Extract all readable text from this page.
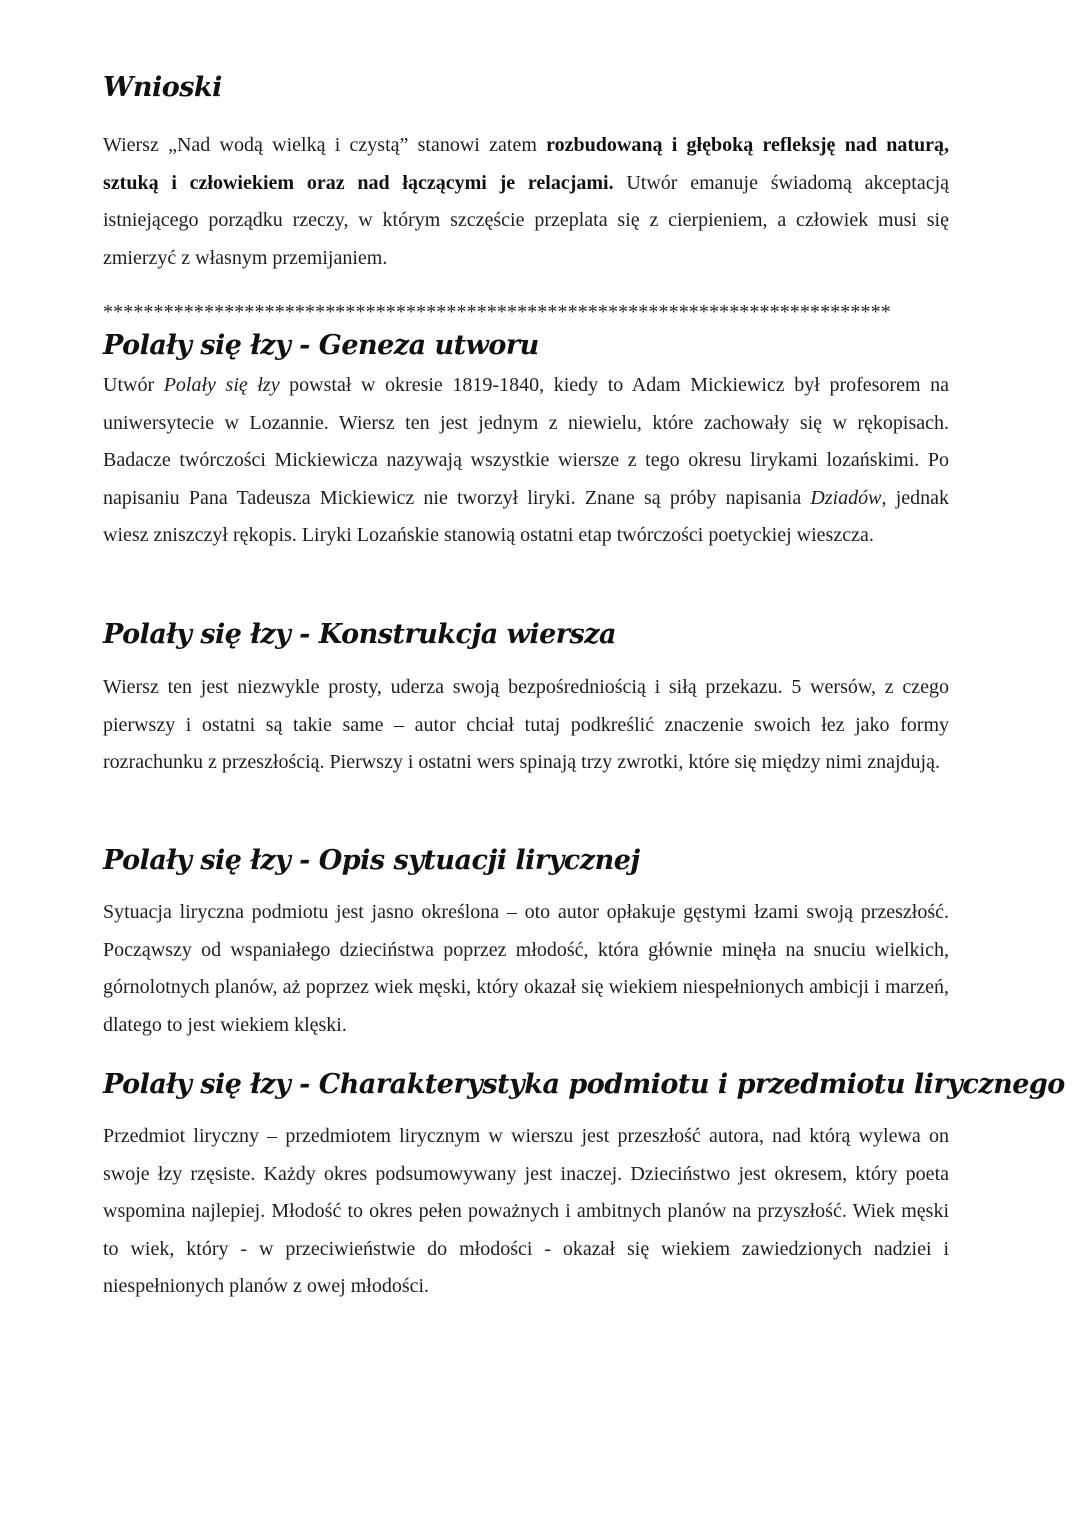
Wnioski

Wiersz „Nad wodą wielką i czystą” stanowi zatem rozbudowaną i głęboką refleksję nad naturą, sztuką i człowiekiem oraz nad łączącymi je relacjami. Utwór emanuje świadomą akceptacją istniejącego porządku rzeczy, w którym szczęście przeplata się z cierpieniem, a człowiek musi się zmierzyć z własnym przemijaniem.

******************************************************************************
Polały się łzy - Geneza utworu

Utwór Polały się łzy powstał w okresie 1819-1840, kiedy to Adam Mickiewicz był profesorem na uniwersytecie w Lozannie. Wiersz ten jest jednym z niewielu, które zachowały się w rękopisach. Badacze twórczości Mickiewicza nazywają wszystkie wiersze z tego okresu lirykami lozańskimi. Po napisaniu Pana Tadeusza Mickiewicz nie tworzył liryki. Znane są próby napisania Dziadów, jednak wiesz zniszczył rękopis. Liryki Lozańskie stanowią ostatni etap twórczości poetyckiej wieszcza.

Polały się łzy - Konstrukcja wiersza

Wiersz ten jest niezwykle prosty, uderza swoją bezpośredniością i siłą przekazu. 5 wersów, z czego pierwszy i ostatni są takie same – autor chciał tutaj podkreślić znaczenie swoich łez jako formy rozrachunku z przeszłością. Pierwszy i ostatni wers spinają trzy zwrotki, które się między nimi znajdują.

Polały się łzy - Opis sytuacji lirycznej

Sytuacja liryczna podmiotu jest jasno określona – oto autor opłakuje gęstymi łzami swoją przeszłość. Począwszy od wspaniałego dzieciństwa poprzez młodość, która głównie minęła na snuciu wielkich, górnolotnych planów, aż poprzez wiek męski, który okazał się wiekiem niespełnionych ambicji i marzeń, dlatego to jest wiekiem klęski.

Polały się łzy - Charakterystyka podmiotu i przedmiotu lirycznego

Przedmiot liryczny – przedmiotem lirycznym w wierszu jest przeszłość autora, nad którą wylewa on swoje łzy rzęsiste. Każdy okres podsumowywany jest inaczej. Dzieciństwo jest okresem, który poeta wspomina najlepiej. Młodość to okres pełen poważnych i ambitnych planów na przyszłość. Wiek męski to wiek, który - w przeciwieństwie do młodości - okazał się wiekiem zawiedzionych nadziei i niespełnionych planów z owej młodości.
